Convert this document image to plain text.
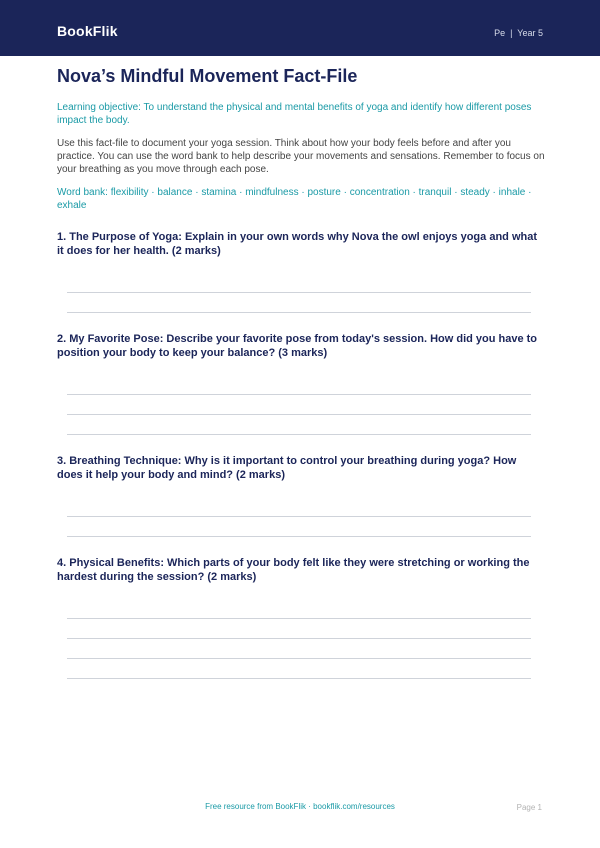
BookFlik	Pe  |  Year 5
Nova’s Mindful Movement Fact-File
Learning objective: To understand the physical and mental benefits of yoga and identify how different poses impact the body.
Use this fact-file to document your yoga session. Think about how your body feels before and after you practice. You can use the word bank to help describe your movements and sensations. Remember to focus on your breathing as you move through each pose.
Word bank: flexibility · balance · stamina · mindfulness · posture · concentration · tranquil · steady · inhale · exhale
1. The Purpose of Yoga: Explain in your own words why Nova the owl enjoys yoga and what it does for her health. (2 marks)
2. My Favorite Pose: Describe your favorite pose from today's session. How did you have to position your body to keep your balance? (3 marks)
3. Breathing Technique: Why is it important to control your breathing during yoga? How does it help your body and mind? (2 marks)
4. Physical Benefits: Which parts of your body felt like they were stretching or working the hardest during the session? (2 marks)
Free resource from BookFlik · bookflik.com/resources	Page 1
